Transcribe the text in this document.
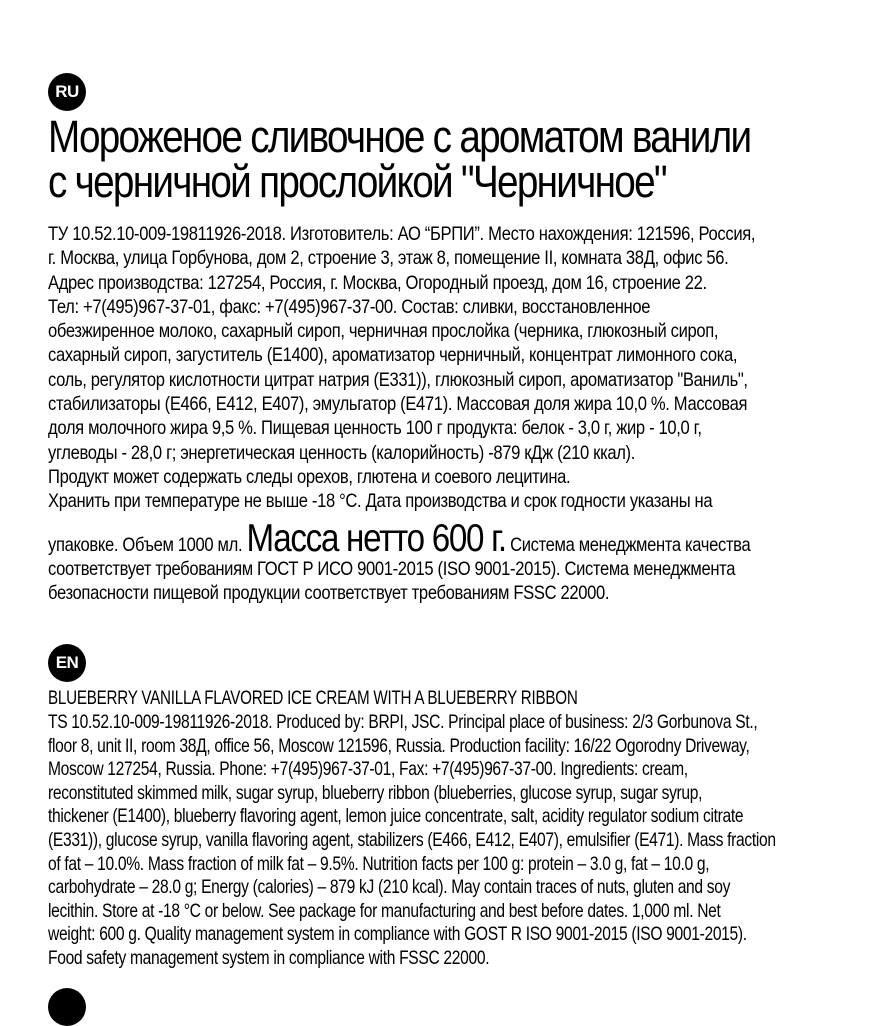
RU
Мороженое сливочное с ароматом ванили
с черничной прослойкой "Черничное"
ТУ 10.52.10-009-19811926-2018. Изготовитель: АО “БРПИ”. Место нахождения: 121596, Россия,
г. Москва, улица Горбунова, дом 2, строение 3, этаж 8, помещение II, комната 38Д, офис 56.
Адрес производства: 127254, Россия, г. Москва, Огородный проезд, дом 16, строение 22.
Тел: +7(495)967-37-01, факс: +7(495)967-37-00. Состав: сливки, восстановленное
обезжиренное молоко, сахарный сироп, черничная прослойка (черника, глюкозный сироп,
сахарный сироп, загуститель (E1400), ароматизатор черничный, концентрат лимонного сока,
соль, регулятор кислотности цитрат натрия (E331)), глюкозный сироп, ароматизатор "Ваниль",
стабилизаторы (E466, E412, E407), эмульгатор (E471). Массовая доля жира 10,0 %. Массовая
доля молочного жира 9,5 %. Пищевая ценность 100 г продукта: белок - 3,0 г, жир - 10,0 г,
углеводы - 28,0 г; энергетическая ценность (калорийность) -879 кДж (210 ккал).
Продукт может содержать следы орехов, глютена и соевого лецитина.
Хранить при температуре не выше -18 °С. Дата производства и срок годности указаны на
упаковке. Объем 1000 мл. Масса нетто 600 г. Система менеджмента качества
соответствует требованиям ГОСТ Р ИСО 9001-2015 (ISO 9001-2015). Система менеджмента
безопасности пищевой продукции соответствует требованиям FSSC 22000.
EN
BLUEBERRY VANILLA FLAVORED ICE CREAM WITH A BLUEBERRY RIBBON
TS 10.52.10-009-19811926-2018. Produced by: BRPI, JSC. Principal place of business: 2/3 Gorbunova St.,
floor 8, unit II, room 38Д, office 56, Moscow 121596, Russia. Production facility: 16/22 Ogorodny Driveway,
Moscow 127254, Russia. Phone: +7(495)967-37-01, Fax: +7(495)967-37-00. Ingredients: cream,
reconstituted skimmed milk, sugar syrup, blueberry ribbon (blueberries, glucose syrup, sugar syrup,
thickener (E1400), blueberry flavoring agent, lemon juice concentrate, salt, acidity regulator sodium citrate
(E331)), glucose syrup, vanilla flavoring agent, stabilizers (E466, E412, E407), emulsifier (E471). Mass fraction
of fat – 10.0%. Mass fraction of milk fat – 9.5%. Nutrition facts per 100 g: protein – 3.0 g, fat – 10.0 g,
carbohydrate – 28.0 g; Energy (calories) – 879 kJ (210 kcal). May contain traces of nuts, gluten and soy
lecithin. Store at -18 °C or below. See package for manufacturing and best before dates. 1,000 ml. Net
weight: 600 g. Quality management system in compliance with GOST R ISO 9001-2015 (ISO 9001-2015).
Food safety management system in compliance with FSSC 22000.
